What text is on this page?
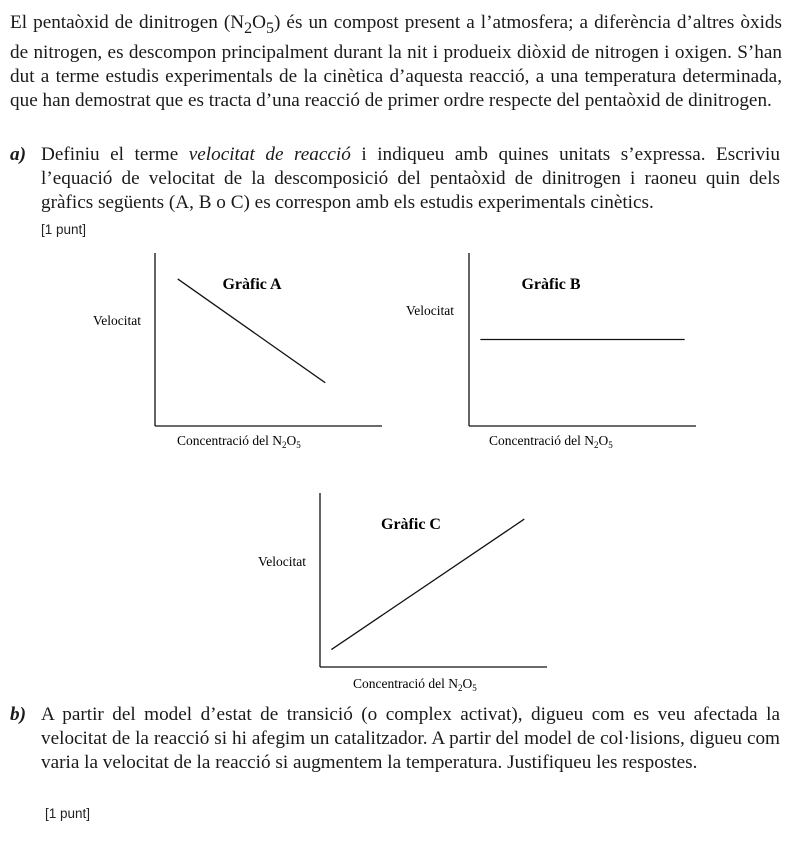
El pentaòxid de dinitrogen $(N_2O_5)$ és un compost present a l’atmosfera; a diferència d’altres òxids de nitrogen, es descompon principalment durant la nit i produeix diòxid de nitrogen i oxigen. S’han dut a terme estudis experimentals de la cinètica d’aquesta reacció, a una temperatura determinada, que han demostrat que es tracta d’una reacció de primer ordre respecte del pentaòxid de dinitrogen.
a) Definiu el terme velocitat de reacció i indiqueu amb quines unitats s’expressa. Escriviu l’equació de velocitat de la descomposició del pentaòxid de dinitrogen i raoneu quin dels gràfics següents (A, B o C) es correspon amb els estudis experimentals cinètics.
[1 punt]
Gràfic A
Velocitat
Concentració del $N_2O_5$
Gràfic B
Velocitat
Concentració del $N_2O_5$
Gràfic C
Velocitat
Concentració del $N_2O_5$
b) A partir del model d’estat de transició (o complex activat), digueu com es veu afectada la velocitat de la reacció si hi afegim un catalitzador. A partir del model de col·lisions, digueu com varia la velocitat de la reacció si augmentem la temperatura. Justifiqueu les respostes.
[1 punt]
